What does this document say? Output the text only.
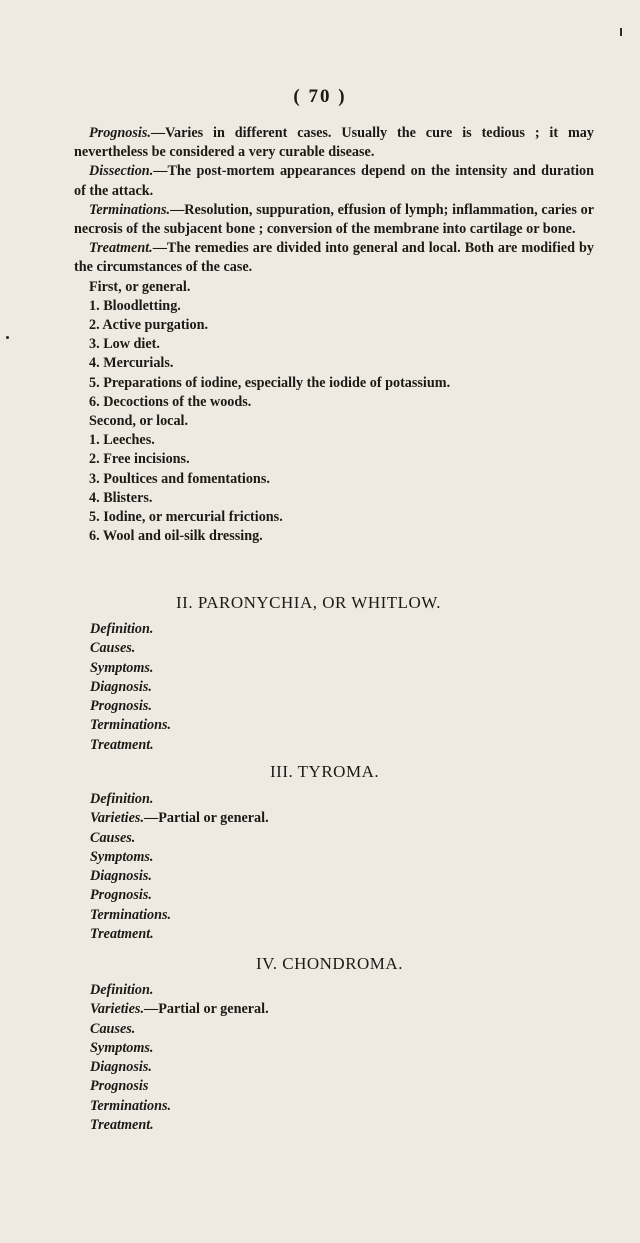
( 70 )
Prognosis.—Varies in different cases. Usually the cure is tedious ; it may nevertheless be considered a very curable disease.
Dissection.—The post-mortem appearances depend on the intensity and duration of the attack.
Terminations.—Resolution, suppuration, effusion of lymph; inflammation, caries or necrosis of the subjacent bone ; conversion of the membrane into cartilage or bone.
Treatment.—The remedies are divided into general and local. Both are modified by the circumstances of the case.
First, or general.
1. Bloodletting.
2. Active purgation.
3. Low diet.
4. Mercurials.
5. Preparations of iodine, especially the iodide of potassium.
6. Decoctions of the woods.
Second, or local.
1. Leeches.
2. Free incisions.
3. Poultices and fomentations.
4. Blisters.
5. Iodine, or mercurial frictions.
6. Wool and oil-silk dressing.
II. PARONYCHIA, OR WHITLOW.
Definition.
Causes.
Symptoms.
Diagnosis.
Prognosis.
Terminations.
Treatment.
III. TYROMA.
Definition.
Varieties.—Partial or general.
Causes.
Symptoms.
Diagnosis.
Prognosis.
Terminations.
Treatment.
IV. CHONDROMA.
Definition.
Varieties.—Partial or general.
Causes.
Symptoms.
Diagnosis.
Prognosis
Terminations.
Treatment.
